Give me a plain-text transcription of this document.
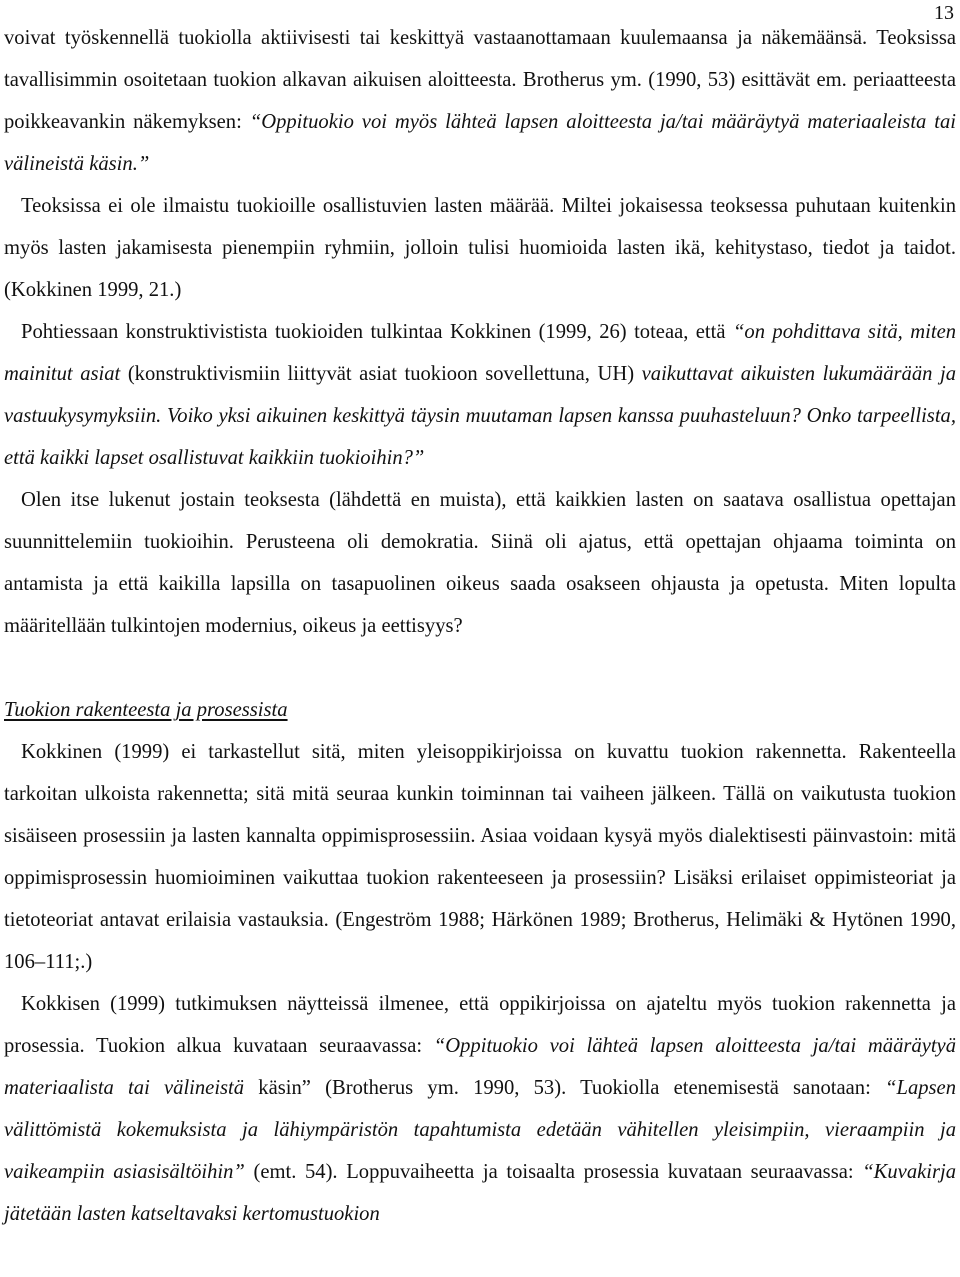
13

voivat työskennellä tuokiolla aktiivisesti tai keskittyä vastaanottamaan kuulemaansa ja näkemäänsä. Teoksissa tavallisimmin osoitetaan tuokion alkavan aikuisen aloitteesta. Brotherus ym. (1990, 53) esittävät em. periaatteesta poikkeavankin näkemyksen: “Oppituokio voi myös lähteä lapsen aloitteesta ja/tai määräytyä materiaaleista tai välineistä käsin.”

Teoksissa ei ole ilmaistu tuokioille osallistuvien lasten määrää. Miltei jokaisessa teoksessa puhutaan kuitenkin myös lasten jakamisesta pienempiin ryhmiin, jolloin tulisi huomioida lasten ikä, kehitystaso, tiedot ja taidot. (Kokkinen 1999, 21.)

Pohtiessaan konstruktivistista tuokioiden tulkintaa Kokkinen (1999, 26) toteaa, että “on pohdittava sitä, miten mainitut asiat (konstruktivismiin liittyvät asiat tuokioon sovellettuna, UH) vaikuttavat aikuisten lukumäärään ja vastuukysymyksiin. Voiko yksi aikuinen keskittyä täysin muutaman lapsen kanssa puuhasteluun? Onko tarpeellista, että kaikki lapset osallistuvat kaikkiin tuokioihin?”

Olen itse lukenut jostain teoksesta (lähdettä en muista), että kaikkien lasten on saatava osallistua opettajan suunnittelemiin tuokioihin. Perusteena oli demokratia. Siinä oli ajatus, että opettajan ohjaama toiminta on antamista ja että kaikilla lapsilla on tasapuolinen oikeus saada osakseen ohjausta ja opetusta. Miten lopulta määritellään tulkintojen modernius, oikeus ja eettisyys?

Tuokion rakenteesta ja prosessista

Kokkinen (1999) ei tarkastellut sitä, miten yleisoppikirjoissa on kuvattu tuokion rakennetta. Rakenteella tarkoitan ulkoista rakennetta; sitä mitä seuraa kunkin toiminnan tai vaiheen jälkeen. Tällä on vaikutusta tuokion sisäiseen prosessiin ja lasten kannalta oppimisprosessiin. Asiaa voidaan kysyä myös dialektisesti päinvastoin: mitä oppimisprosessin huomioiminen vaikuttaa tuokion rakenteeseen ja prosessiin? Lisäksi erilaiset oppimisteoriat ja tietoteoriat antavat erilaisia vastauksia. (Engeström 1988; Härkönen 1989; Brotherus, Helimäki & Hytönen 1990, 106–111;.)

Kokkisen (1999) tutkimuksen näytteissä ilmenee, että oppikirjoissa on ajateltu myös tuokion rakennetta ja prosessia. Tuokion alkua kuvataan seuraavassa: “Oppituokio voi lähteä lapsen aloitteesta ja/tai määräytyä materiaalista tai välineistä käsin” (Brotherus ym. 1990, 53). Tuokiolla etenemisestä sanotaan: “Lapsen välittömistä kokemuksista ja lähiympäristön tapahtumista edetään vähitellen yleisimpiin, vieraampiin ja vaikeampiin asiasisältöihin” (emt. 54). Loppuvaiheetta ja toisaalta prosessia kuvataan seuraavassa: “Kuvakirja jätetään lasten katseltavaksi kertomustuokion
